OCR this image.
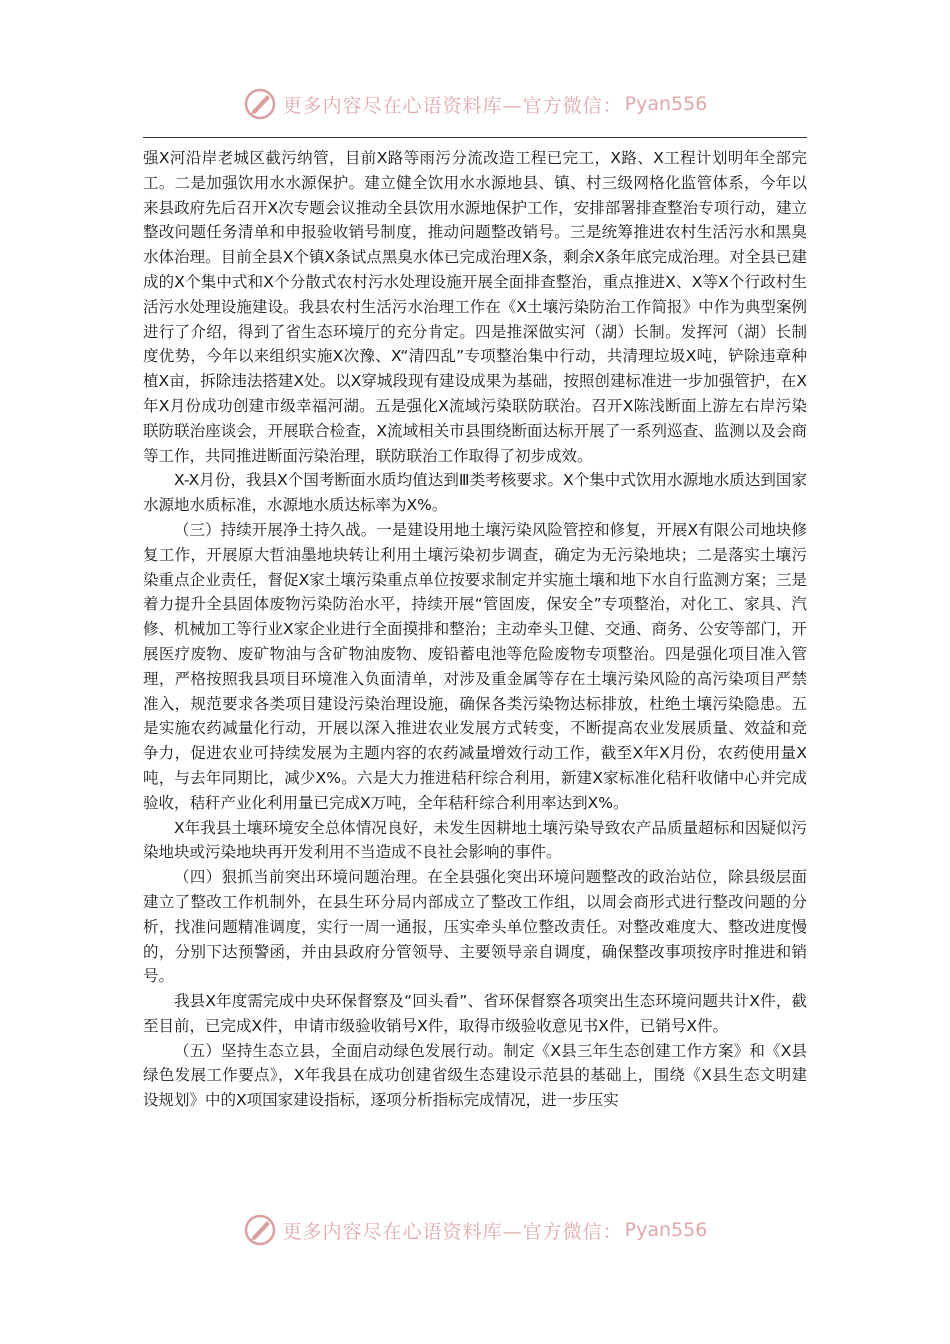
更多内容尽在心语资料库—官方微信： Pyan556

强X河沿岸老城区截污纳管，目前X路等雨污分流改造工程已完工，X路、X工程计划明年全部完工。二是加强饮用水水源保护。建立健全饮用水水源地县、镇、村三级网格化监管体系，今年以来县政府先后召开X次专题会议推动全县饮用水源地保护工作，安排部署排查整治专项行动，建立整改问题任务清单和申报验收销号制度，推动问题整改销号。三是统筹推进农村生活污水和黑臭水体治理。目前全县X个镇X条试点黑臭水体已完成治理X条，剩余X条年底完成治理。对全县已建成的X个集中式和X个分散式农村污水处理设施开展全面排查整治，重点推进X、X等X个行政村生活污水处理设施建设。我县农村生活污水治理工作在《X土壤污染防治工作简报》中作为典型案例进行了介绍，得到了省生态环境厅的充分肯定。四是推深做实河（湖）长制。发挥河（湖）长制度优势，今年以来组织实施X次豫、X“清四乱”专项整治集中行动，共清理垃圾X吨，铲除违章种植X亩，拆除违法搭建X处。以X穿城段现有建设成果为基础，按照创建标准进一步加强管护，在X年X月份成功创建市级幸福河湖。五是强化X流域污染联防联治。召开X陈浅断面上游左右岸污染联防联治座谈会，开展联合检查，X流域相关市县围绕断面达标开展了一系列巡查、监测以及会商等工作，共同推进断面污染治理，联防联治工作取得了初步成效。

X-X月份，我县X个国考断面水质均值达到Ⅲ类考核要求。X个集中式饮用水源地水质达到国家水源地水质标准，水源地水质达标率为X%。

（三）持续开展净土持久战。一是建设用地土壤污染风险管控和修复，开展X有限公司地块修复工作，开展原大哲油墨地块转让利用土壤污染初步调查，确定为无污染地块；二是落实土壤污染重点企业责任，督促X家土壤污染重点单位按要求制定并实施土壤和地下水自行监测方案；三是着力提升全县固体废物污染防治水平，持续开展“管固废，保安全”专项整治，对化工、家具、汽修、机械加工等行业X家企业进行全面摸排和整治；主动牵头卫健、交通、商务、公安等部门，开展医疗废物、废矿物油与含矿物油废物、废铅蓄电池等危险废物专项整治。四是强化项目准入管理，严格按照我县项目环境准入负面清单，对涉及重金属等存在土壤污染风险的高污染项目严禁准入，规范要求各类项目建设污染治理设施，确保各类污染物达标排放，杜绝土壤污染隐患。五是实施农药减量化行动，开展以深入推进农业发展方式转变，不断提高农业发展质量、效益和竞争力，促进农业可持续发展为主题内容的农药减量增效行动工作，截至X年X月份，农药使用量X吨，与去年同期比，减少X%。六是大力推进秸秆综合利用，新建X家标准化秸秆收储中心并完成验收，秸秆产业化利用量已完成X万吨，全年秸秆综合利用率达到X%。

X年我县土壤环境安全总体情况良好，未发生因耕地土壤污染导致农产品质量超标和因疑似污染地块或污染地块再开发利用不当造成不良社会影响的事件。

（四）狠抓当前突出环境问题治理。在全县强化突出环境问题整改的政治站位，除县级层面建立了整改工作机制外，在县生环分局内部成立了整改工作组，以周会商形式进行整改问题的分析，找准问题精准调度，实行一周一通报，压实牵头单位整改责任。对整改难度大、整改进度慢的，分别下达预警函，并由县政府分管领导、主要领导亲自调度，确保整改事项按序时推进和销号。

我县X年度需完成中央环保督察及“回头看”、省环保督察各项突出生态环境问题共计X件，截至目前，已完成X件，申请市级验收销号X件，取得市级验收意见书X件，已销号X件。

（五）坚持生态立县，全面启动绿色发展行动。制定《X县三年生态创建工作方案》和《X县绿色发展工作要点》，X年我县在成功创建省级生态建设示范县的基础上，围绕《X县生态文明建设规划》中的X项国家建设指标，逐项分析指标完成情况，进一步压实

更多内容尽在心语资料库—官方微信： Pyan556
